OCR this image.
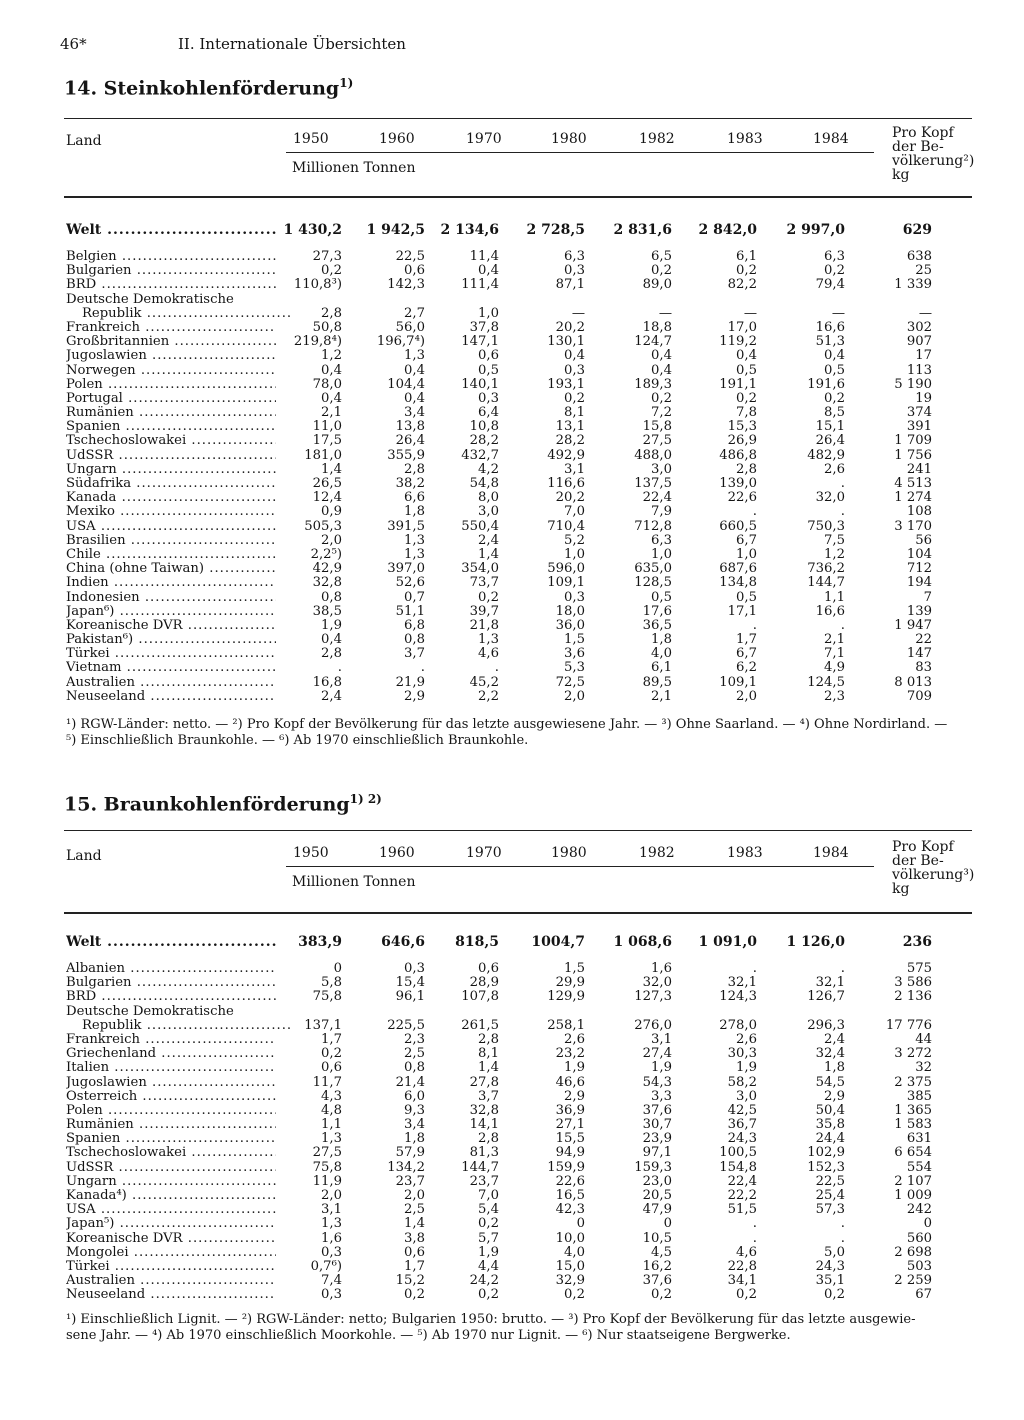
46*	II. Internationale Übersichten
14. Steinkohlenförderung$^{1)}$
Land	1950	1960	1970	1980	1982	1983	1984
Millionen Tonnen
Pro Kopf
der Be-
völkerung²)
kg
Welt .....	1 430,2	1 942,5	2 134,6	2 728,5	2 831,6	2 842,0	2 997,0	629
Belgien .....	27,3	22,5	11,4	6,3	6,5	6,1	6,3	638
Bulgarien .....	0,2	0,6	0,4	0,3	0,2	0,2	0,2	25
BRD .....	110,8³)	142,3	111,4	87,1	89,0	82,2	79,4	1 339
Deutsche Demokratische
Republik .....	2,8	2,7	1,0	—	—	—	—	—
Frankreich .....	50,8	56,0	37,8	20,2	18,8	17,0	16,6	302
Großbritannien .....	219,8⁴)	196,7⁴)	147,1	130,1	124,7	119,2	51,3	907
Jugoslawien .....	1,2	1,3	0,6	0,4	0,4	0,4	0,4	17
Norwegen .....	0,4	0,4	0,5	0,3	0,4	0,5	0,5	113
Polen .....	78,0	104,4	140,1	193,1	189,3	191,1	191,6	5 190
Portugal .....	0,4	0,4	0,3	0,2	0,2	0,2	0,2	19
Rumänien .....	2,1	3,4	6,4	8,1	7,2	7,8	8,5	374
Spanien .....	11,0	13,8	10,8	13,1	15,8	15,3	15,1	391
Tschechoslowakei .....	17,5	26,4	28,2	28,2	27,5	26,9	26,4	1 709
UdSSR .....	181,0	355,9	432,7	492,9	488,0	486,8	482,9	1 756
Ungarn .....	1,4	2,8	4,2	3,1	3,0	2,8	2,6	241
Südafrika .....	26,5	38,2	54,8	116,6	137,5	139,0	.	4 513
Kanada .....	12,4	6,6	8,0	20,2	22,4	22,6	32,0	1 274
Mexiko .....	0,9	1,8	3,0	7,0	7,9	.	.	108
USA .....	505,3	391,5	550,4	710,4	712,8	660,5	750,3	3 170
Brasilien .....	2,0	1,3	2,4	5,2	6,3	6,7	7,5	56
Chile .....	2,2⁵)	1,3	1,4	1,0	1,0	1,0	1,2	104
China (ohne Taiwan) .....	42,9	397,0	354,0	596,0	635,0	687,6	736,2	712
Indien .....	32,8	52,6	73,7	109,1	128,5	134,8	144,7	194
Indonesien .....	0,8	0,7	0,2	0,3	0,5	0,5	1,1	7
Japan⁶) .....	38,5	51,1	39,7	18,0	17,6	17,1	16,6	139
Koreanische DVR .....	1,9	6,8	21,8	36,0	36,5	.	.	1 947
Pakistan⁶) .....	0,4	0,8	1,3	1,5	1,8	1,7	2,1	22
Türkei .....	2,8	3,7	4,6	3,6	4,0	6,7	7,1	147
Vietnam .....	.	.	.	5,3	6,1	6,2	4,9	83
Australien .....	16,8	21,9	45,2	72,5	89,5	109,1	124,5	8 013
Neuseeland .....	2,4	2,9	2,2	2,0	2,1	2,0	2,3	709
¹) RGW-Länder: netto. — ²) Pro Kopf der Bevölkerung für das letzte ausgewiesene Jahr. — ³) Ohne Saarland. — ⁴) Ohne Nordirland. —
⁵) Einschließlich Braunkohle. — ⁶) Ab 1970 einschließlich Braunkohle.
15. Braunkohlenförderung$^{1) 2)}$
Land	1950	1960	1970	1980	1982	1983	1984
Millionen Tonnen
Pro Kopf
der Be-
völkerung³)
kg
Welt .....	383,9	646,6	818,5	1004,7	1 068,6	1 091,0	1 126,0	236
Albanien .....	0	0,3	0,6	1,5	1,6	.	.	575
Bulgarien .....	5,8	15,4	28,9	29,9	32,0	32,1	32,1	3 586
BRD .....	75,8	96,1	107,8	129,9	127,3	124,3	126,7	2 136
Deutsche Demokratische
Republik .....	137,1	225,5	261,5	258,1	276,0	278,0	296,3	17 776
Frankreich .....	1,7	2,3	2,8	2,6	3,1	2,6	2,4	44
Griechenland .....	0,2	2,5	8,1	23,2	27,4	30,3	32,4	3 272
Italien .....	0,6	0,8	1,4	1,9	1,9	1,9	1,8	32
Jugoslawien .....	11,7	21,4	27,8	46,6	54,3	58,2	54,5	2 375
Österreich .....	4,3	6,0	3,7	2,9	3,3	3,0	2,9	385
Polen .....	4,8	9,3	32,8	36,9	37,6	42,5	50,4	1 365
Rumänien .....	1,1	3,4	14,1	27,1	30,7	36,7	35,8	1 583
Spanien .....	1,3	1,8	2,8	15,5	23,9	24,3	24,4	631
Tschechoslowakei .....	27,5	57,9	81,3	94,9	97,1	100,5	102,9	6 654
UdSSR .....	75,8	134,2	144,7	159,9	159,3	154,8	152,3	554
Ungarn .....	11,9	23,7	23,7	22,6	23,0	22,4	22,5	2 107
Kanada⁴) .....	2,0	2,0	7,0	16,5	20,5	22,2	25,4	1 009
USA .....	3,1	2,5	5,4	42,3	47,9	51,5	57,3	242
Japan⁵) .....	1,3	1,4	0,2	0	0	.	.	0
Koreanische DVR .....	1,6	3,8	5,7	10,0	10,5	.	.	560
Mongolei .....	0,3	0,6	1,9	4,0	4,5	4,6	5,0	2 698
Türkei .....	0,7⁶)	1,7	4,4	15,0	16,2	22,8	24,3	503
Australien .....	7,4	15,2	24,2	32,9	37,6	34,1	35,1	2 259
Neuseeland .....	0,3	0,2	0,2	0,2	0,2	0,2	0,2	67
¹) Einschließlich Lignit. — ²) RGW-Länder: netto; Bulgarien 1950: brutto. — ³) Pro Kopf der Bevölkerung für das letzte ausgewie-
sene Jahr. — ⁴) Ab 1970 einschließlich Moorkohle. — ⁵) Ab 1970 nur Lignit. — ⁶) Nur staatseigene Bergwerke.
